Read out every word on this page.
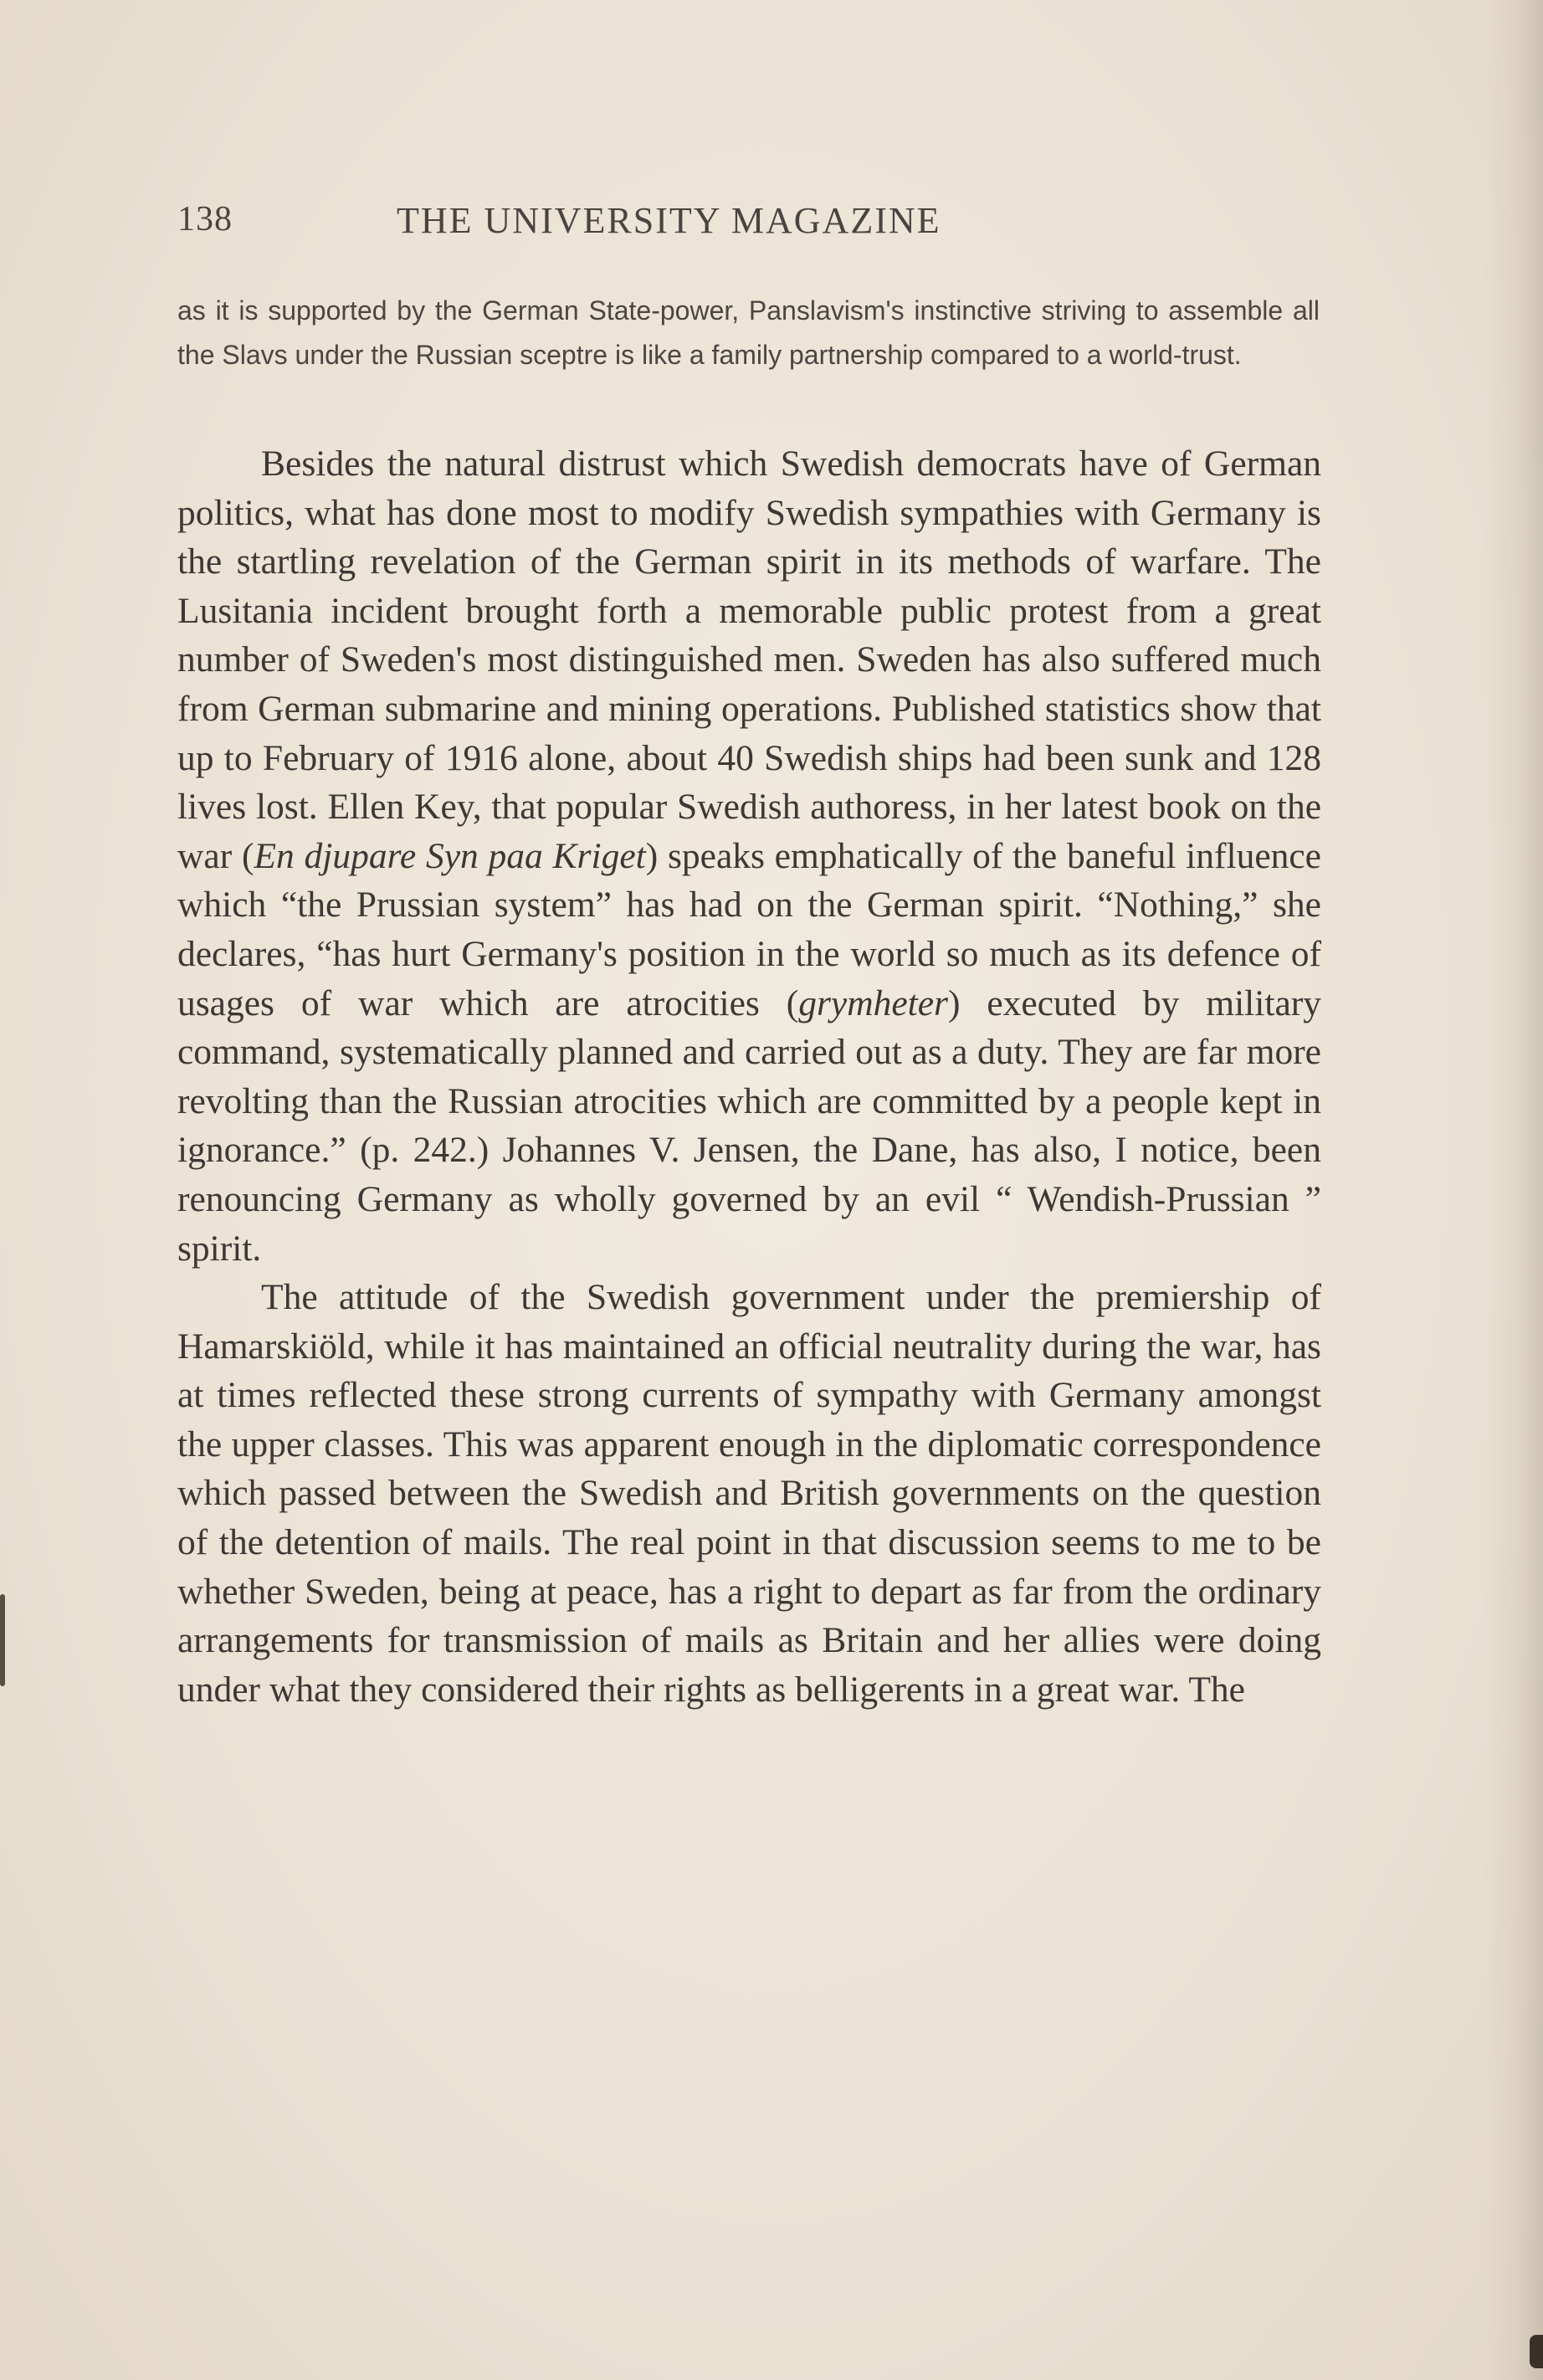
138	THE UNIVERSITY MAGAZINE
as it is supported by the German State-power, Panslavism's instinctive striving to assemble all the Slavs under the Russian sceptre is like a family partnership compared to a world-trust.

Besides the natural distrust which Swedish democrats have of German politics, what has done most to modify Swedish sympathies with Germany is the startling revelation of the German spirit in its methods of warfare. The Lusitania incident brought forth a memorable public protest from a great number of Sweden's most distinguished men. Sweden has also suffered much from German submarine and mining operations. Published statistics show that up to February of 1916 alone, about 40 Swedish ships had been sunk and 128 lives lost. Ellen Key, that popular Swedish authoress, in her latest book on the war (En djupare Syn paa Kriget) speaks emphatically of the baneful influence which “the Prussian system” has had on the German spirit. “Nothing,” she declares, “has hurt Germany's position in the world so much as its defence of usages of war which are atrocities (grymheter) executed by military command, systematically planned and carried out as a duty. They are far more revolting than the Russian atrocities which are committed by a people kept in ignorance.” (p. 242.) Johannes V. Jensen, the Dane, has also, I notice, been renouncing Germany as wholly governed by an evil “ Wendish-Prussian ” spirit.

The attitude of the Swedish government under the premiership of Hamarskiöld, while it has maintained an official neutrality during the war, has at times reflected these strong currents of sympathy with Germany amongst the upper classes. This was apparent enough in the diplomatic correspondence which passed between the Swedish and British governments on the question of the detention of mails. The real point in that discussion seems to me to be whether Sweden, being at peace, has a right to depart as far from the ordinary arrangements for transmission of mails as Britain and her allies were doing under what they considered their rights as belligerents in a great war. The
